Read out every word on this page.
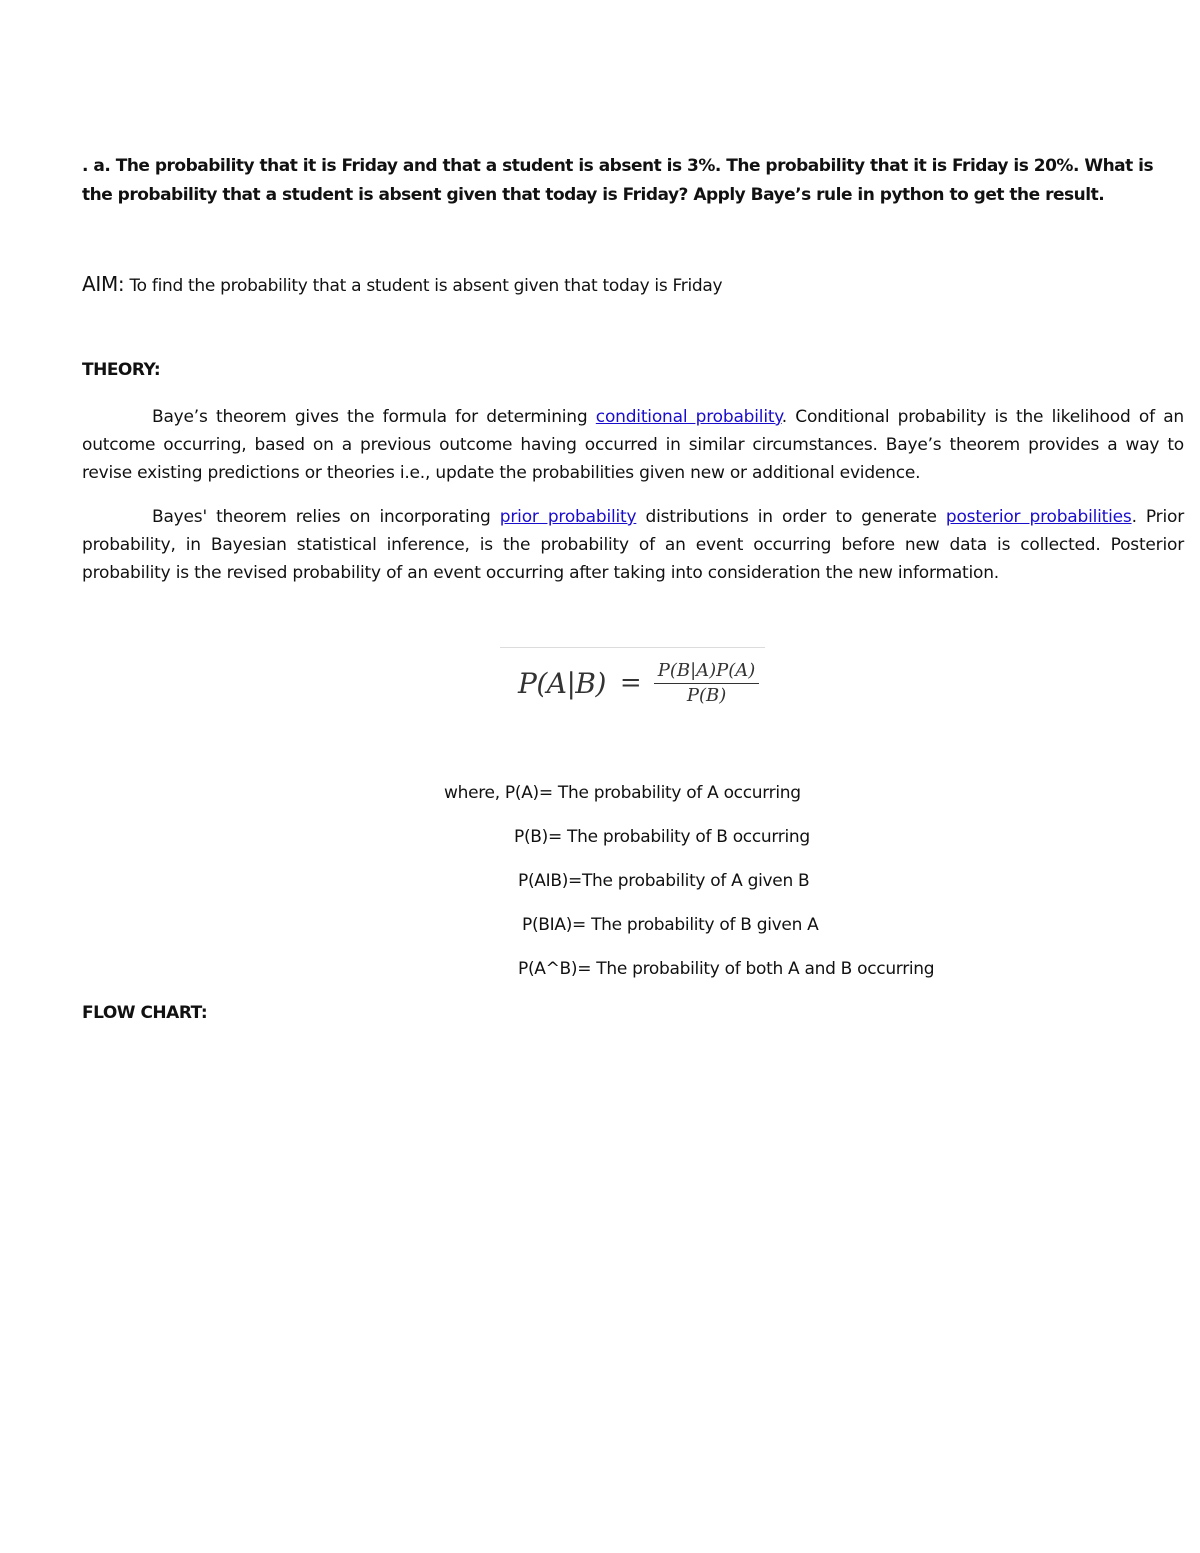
. a. The probability that it is Friday and that a student is absent is 3%. The probability that it is Friday is 20%. What is the probability that a student is absent given that today is Friday? Apply Baye’s rule in python to get the result.

AIM: To find the probability that a student is absent given that today is Friday

THEORY:

Baye’s theorem gives the formula for determining conditional probability. Conditional probability is the likelihood of an outcome occurring, based on a previous outcome having occurred in similar circumstances. Baye’s theorem provides a way to revise existing predictions or theories i.e., update the probabilities given new or additional evidence.

Bayes' theorem relies on incorporating prior probability distributions in order to generate posterior probabilities. Prior probability, in Bayesian statistical inference, is the probability of an event occurring before new data is collected. Posterior probability is the revised probability of an event occurring after taking into consideration the new information.

$P(A|B) = \frac{P(B|A)P(A)}{P(B)}$

where, P(A)= The probability of A occurring

P(B)= The probability of B occurring

P(AIB)=The probability of A given B

P(BIA)= The probability of B given A

P(A^B)= The probability of both A and B occurring

FLOW CHART:
